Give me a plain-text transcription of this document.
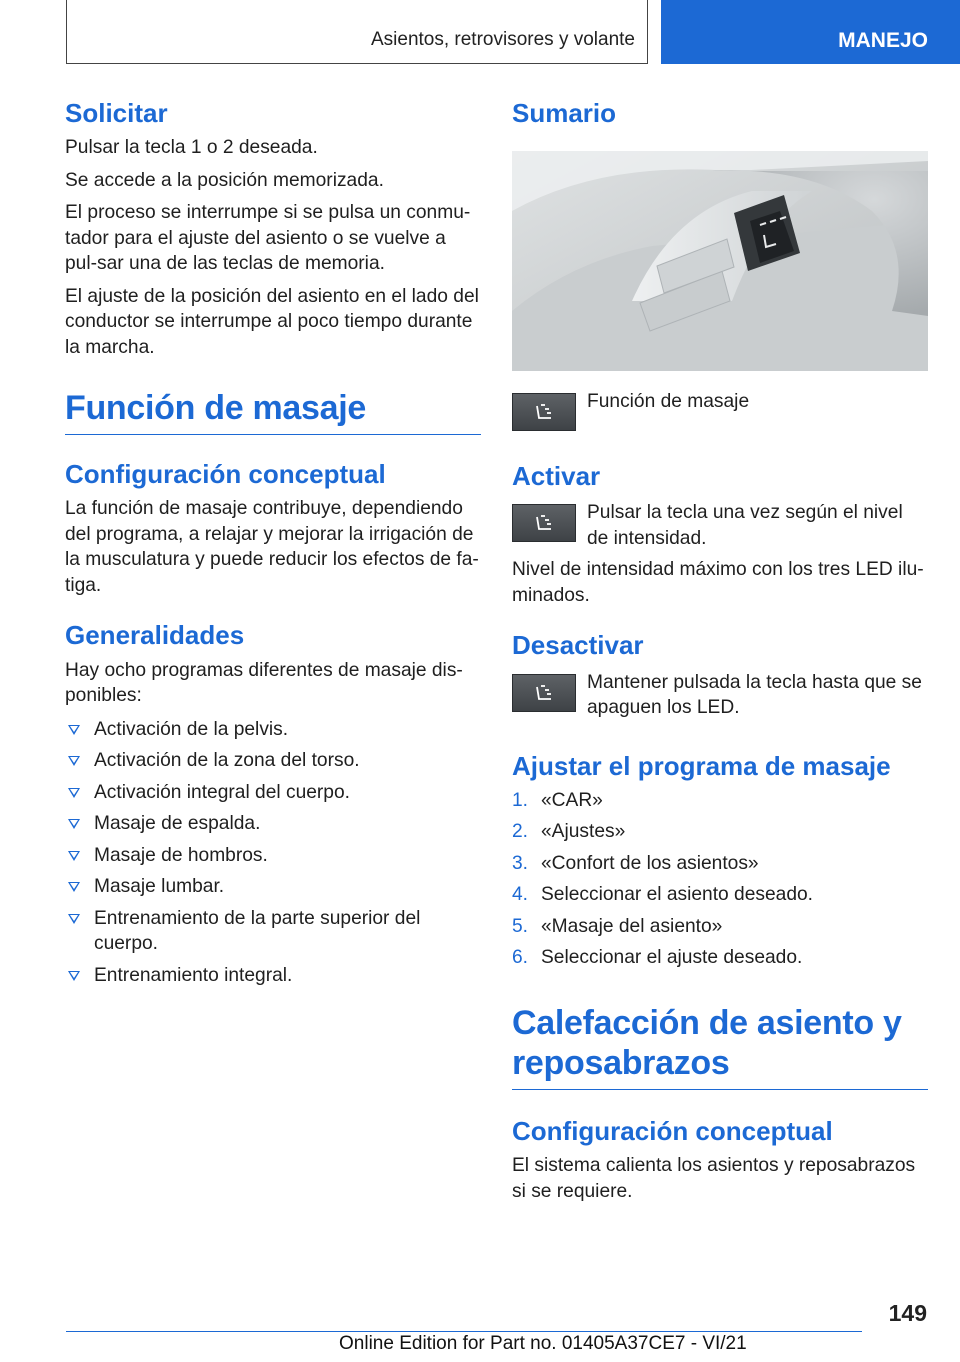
Asientos, retrovisores y volante	MANEJO
Solicitar

Pulsar la tecla 1 o 2 deseada.

Se accede a la posición memorizada.

El proceso se interrumpe si se pulsa un conmu‐tador para el ajuste del asiento o se vuelve a pul‐sar una de las teclas de memoria.

El ajuste de la posición del asiento en el lado del conductor se interrumpe al poco tiempo durante la marcha.

Función de masaje
Configuración conceptual

La función de masaje contribuye, dependiendo del programa, a relajar y mejorar la irrigación de la musculatura y puede reducir los efectos de fa‐tiga.

Generalidades

Hay ocho programas diferentes de masaje dis‐ponibles:

Activación de la pelvis.
Activación de la zona del torso.
Activación integral del cuerpo.
Masaje de espalda.
Masaje de hombros.
Masaje lumbar.
Entrenamiento de la parte superior del cuerpo.
Entrenamiento integral.
Sumario

Función de masaje

Activar

Pulsar la tecla una vez según el nivel de intensidad.

Nivel de intensidad máximo con los tres LED ilu‐minados.

Desactivar

Mantener pulsada la tecla hasta que se apaguen los LED.

Ajustar el programa de masaje
1. «CAR»
2. «Ajustes»
3. «Confort de los asientos»
4. Seleccionar el asiento deseado.
5. «Masaje del asiento»
6. Seleccionar el ajuste deseado.
Calefacción de asiento y reposabrazos
Configuración conceptual

El sistema calienta los asientos y reposabrazos si se requiere.

149
Online Edition for Part no. 01405A37CE7 - VI/21
